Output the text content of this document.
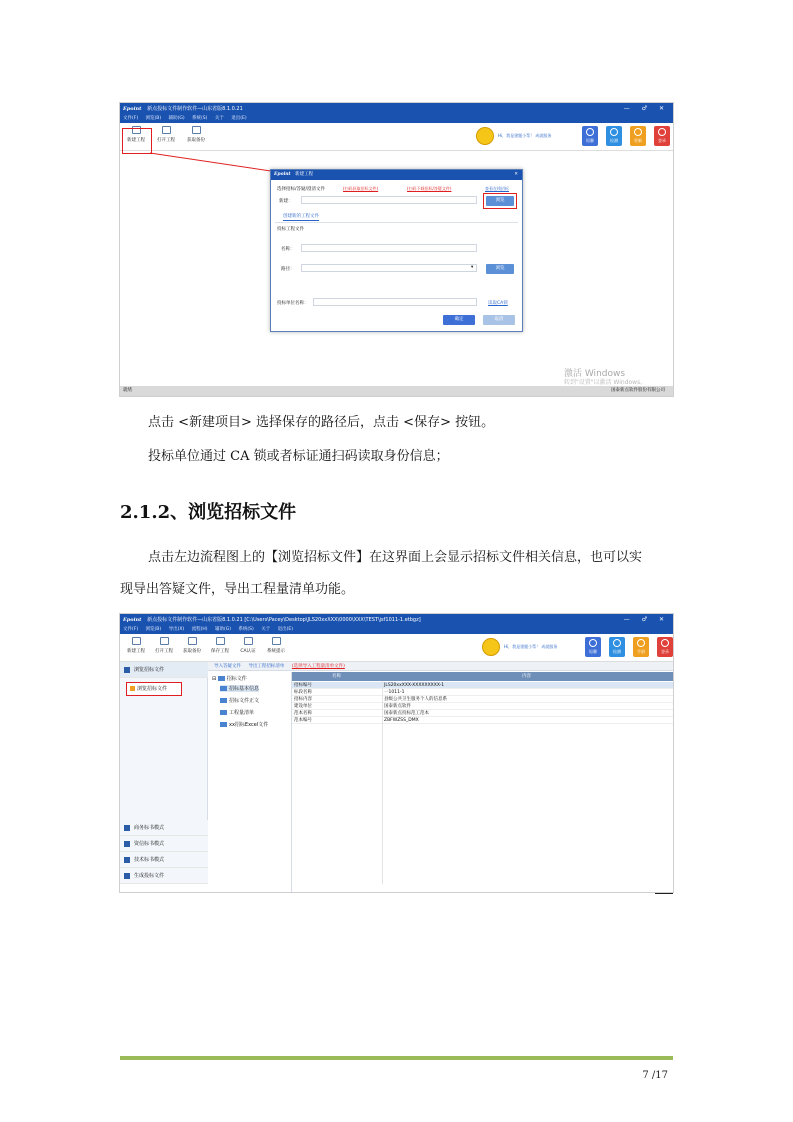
Epoint 新点投标文件制作软件—山东省版8.1.0.21	— ♂ ✕
文件(F) 浏览(B) 辅助(G) 系统(S) 关于 退出(E)
新建工程	打开工程	获取备份
Hi，我是建题小帮！ 成就服务
短聊	检测	更新	登录
Epoint 新建工程	✕
选择招标/答疑/澄清文件	(扫码获取招标文件)	(扫码下载招标/答疑文件)	查看在线招标
新建：	浏览
创建新的工程文件
投标工程文件
名称：
路径：	▾	浏览
投标单位名称：	读取CA锁
确定	取消
激活 Windows
转到"设置"以激活 Windows。
就绪	国泰新点软件股份有限公司
点击 <新建项目> 选择保存的路径后，点击 <保存> 按钮。
投标单位通过 CA 锁或者标证通扫码读取身份信息；
2.1.2、浏览招标文件
点击左边流程图上的【浏览招标文件】在这界面上会显示招标文件相关信息，也可以实
现导出答疑文件，导出工程量清单功能。
Epoint 新点投标文件制作软件—山东省版8.1.0.21 [C:\Users\Pacey\Desktop\JLS20xxXXX\0000\XXX\TEST\jsf1011-1.etbgz]	— ♂ ✕
文件(F) 浏览(B) 导出(X) 流程(H) 辅助(G) 系统(S) 关于 退出(E)
新建工程	打开工程	获取备份	保存工程	CA认证	系统提示
Hi，我是建题小帮！ 成就服务
短聊	检测	手册	登录
浏览招标文件
浏览招标文件
商务标书模式
资信标书模式
技术标书模式
生成投标文件
导入答疑文件 导出工程招标清单 (选择导入工程量清单文件)
⊟ 招标文件
招标基本信息
招标文件正文
工程量清单
xx招标Excel文件
名称	内容
招标编号	JLS20xxXXX-XXXXXXXXX-1
标段名称	一1011-1
招标内容	县级公共卫生服务个人的信息系
建设单位	国泰新点软件
范本名称	国泰新点投标范工范本
范本编号	ZBFWZSS_DMX
7 /17
